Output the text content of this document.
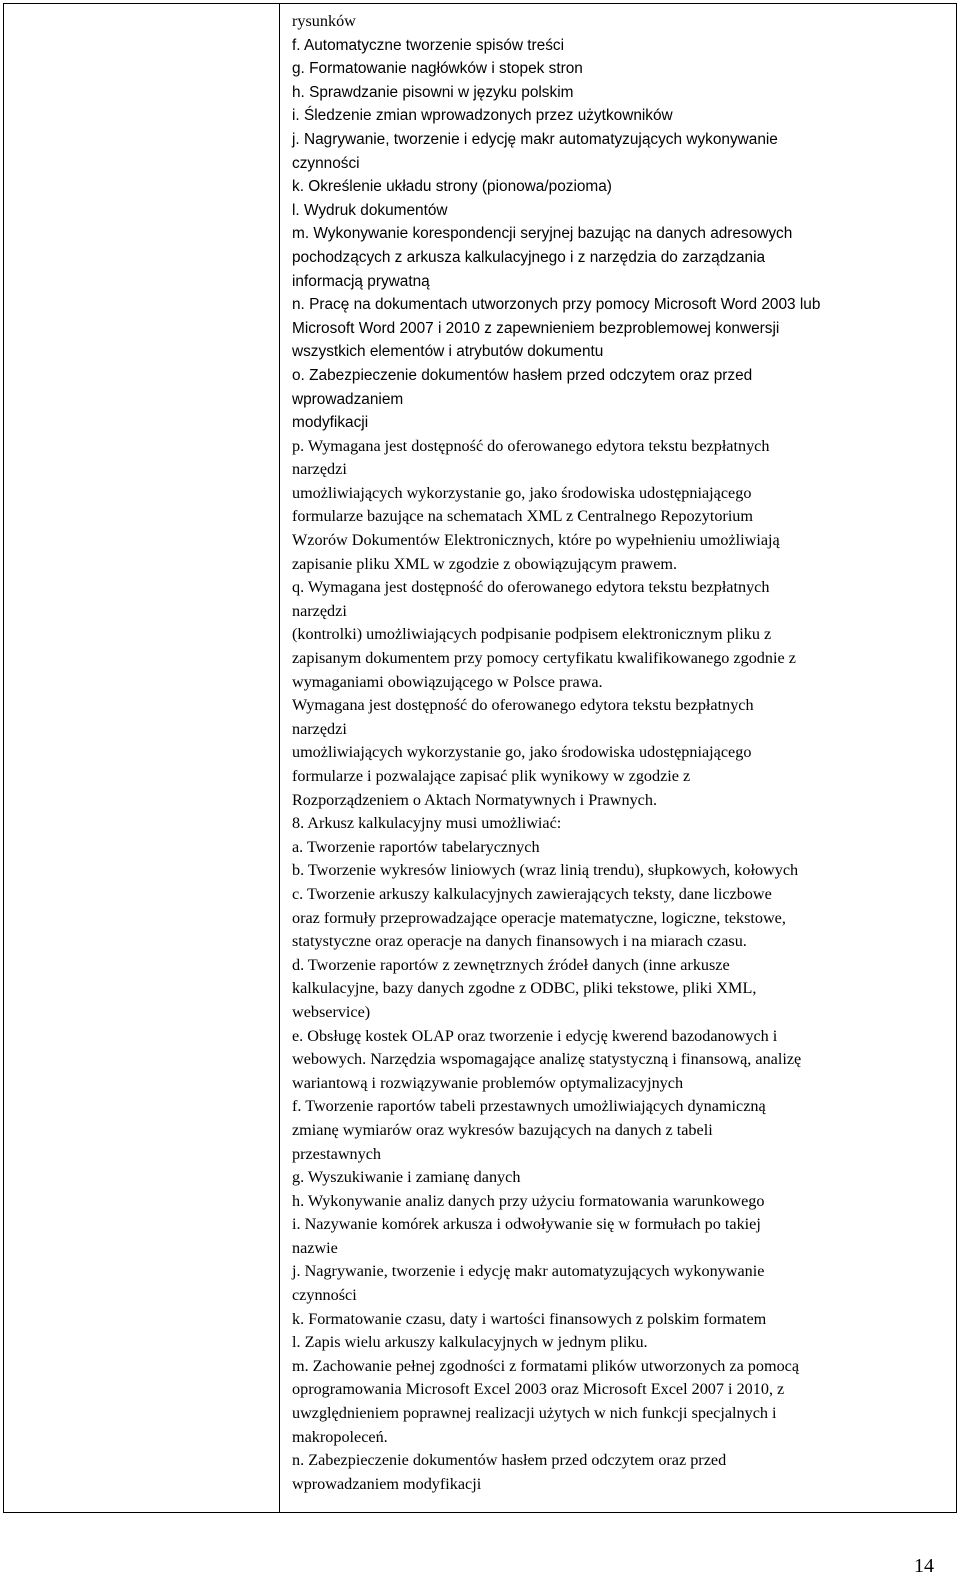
rysunków

f. Automatyczne tworzenie spisów treści

g. Formatowanie nagłówków i stopek stron

h. Sprawdzanie pisowni w języku polskim

i. Śledzenie zmian wprowadzonych przez użytkowników

j. Nagrywanie, tworzenie i edycję makr automatyzujących wykonywanie

czynności

k. Określenie układu strony (pionowa/pozioma)

l. Wydruk dokumentów

m. Wykonywanie korespondencji seryjnej bazując na danych adresowych

pochodzących z arkusza kalkulacyjnego i z narzędzia do zarządzania

informacją prywatną

n. Pracę na dokumentach utworzonych przy pomocy Microsoft Word 2003 lub

Microsoft Word 2007 i 2010 z zapewnieniem bezproblemowej konwersji

wszystkich elementów i atrybutów dokumentu

o. Zabezpieczenie dokumentów hasłem przed odczytem oraz przed

wprowadzaniem

modyfikacji

p. Wymagana jest dostępność do oferowanego edytora tekstu bezpłatnych

narzędzi

umożliwiających wykorzystanie go, jako środowiska udostępniającego

formularze bazujące na schematach XML z Centralnego Repozytorium

Wzorów Dokumentów Elektronicznych, które po wypełnieniu umożliwiają

zapisanie pliku XML w zgodzie z obowiązującym prawem.

q. Wymagana jest dostępność do oferowanego edytora tekstu bezpłatnych

narzędzi

(kontrolki) umożliwiających podpisanie podpisem elektronicznym pliku z

zapisanym dokumentem przy pomocy certyfikatu kwalifikowanego zgodnie z

wymaganiami obowiązującego w Polsce prawa.

Wymagana jest dostępność do oferowanego edytora tekstu bezpłatnych

narzędzi

umożliwiających wykorzystanie go, jako środowiska udostępniającego

formularze i pozwalające zapisać plik wynikowy w zgodzie z

Rozporządzeniem o Aktach Normatywnych i Prawnych.

8. Arkusz kalkulacyjny musi umożliwiać:

a. Tworzenie raportów tabelarycznych

b. Tworzenie wykresów liniowych (wraz linią trendu), słupkowych, kołowych

c. Tworzenie arkuszy kalkulacyjnych zawierających teksty, dane liczbowe

oraz formuły przeprowadzające operacje matematyczne, logiczne, tekstowe,

statystyczne oraz operacje na danych finansowych i na miarach czasu.

d. Tworzenie raportów z zewnętrznych źródeł danych (inne arkusze

kalkulacyjne, bazy danych zgodne z ODBC, pliki tekstowe, pliki XML,

webservice)

e. Obsługę kostek OLAP oraz tworzenie i edycję kwerend bazodanowych i

webowych. Narzędzia wspomagające analizę statystyczną i finansową, analizę

wariantową i rozwiązywanie problemów optymalizacyjnych

f. Tworzenie raportów tabeli przestawnych umożliwiających dynamiczną

zmianę wymiarów oraz wykresów bazujących na danych z tabeli

przestawnych

g. Wyszukiwanie i zamianę danych

h. Wykonywanie analiz danych przy użyciu formatowania warunkowego

i. Nazywanie komórek arkusza i odwoływanie się w formułach po takiej

nazwie

j. Nagrywanie, tworzenie i edycję makr automatyzujących wykonywanie

czynności

k. Formatowanie czasu, daty i wartości finansowych z polskim formatem

l. Zapis wielu arkuszy kalkulacyjnych w jednym pliku.

m. Zachowanie pełnej zgodności z formatami plików utworzonych za pomocą

oprogramowania Microsoft Excel 2003 oraz Microsoft Excel 2007 i 2010, z

uwzględnieniem poprawnej realizacji użytych w nich funkcji specjalnych i

makropoleceń.

n. Zabezpieczenie dokumentów hasłem przed odczytem oraz przed

wprowadzaniem modyfikacji

14
